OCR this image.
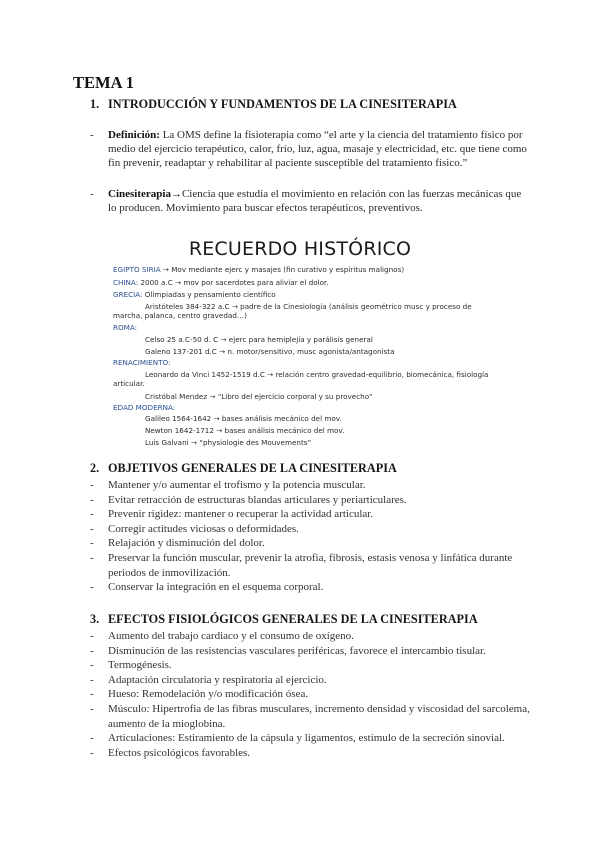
TEMA 1
1. INTRODUCCIÓN Y FUNDAMENTOS DE LA CINESITERAPIA
-	Definición: La OMS define la fisioterapia como “el arte y la ciencia del tratamiento físico por medio del ejercicio terapéutico, calor, frío, luz, agua, masaje y electricidad, etc. que tiene como fin prevenir, readaptar y rehabilitar al paciente susceptible del tratamiento físico.”
-	Cinesiterapia→Ciencia que estudia el movimiento en relación con las fuerzas mecánicas que lo producen. Movimiento para buscar efectos terapéuticos, preventivos.
RECUERDO HISTÓRICO
EGIPTO SIRIA → Mov mediante ejerc y masajes (fin curativo y espíritus malignos)
CHINA: 2000 a.C → mov por sacerdotes para aliviar el dolor.
GRECIA: Olimpiadas y pensamiento científico
Aristóteles 384-322 a.C → padre de la Cinesiología (análisis geométrico musc y proceso de marcha, palanca, centro gravedad…)
ROMA:
Celso 25 a.C-50 d. C → ejerc para hemiplejía y parálisis general
Galeno 137-201 d.C → n. motor/sensitivo, musc agonista/antagonista
RENACIMIENTO:
Leonardo da Vinci 1452-1519 d.C → relación centro gravedad-equilibrio, biomecánica, fisiología articular.
Cristóbal Mendez → “Libro del ejercicio corporal y su provecho”
EDAD MODERNA:
Galileo 1564-1642 → bases análisis mecánico del mov.
Newton 1642-1712 → bases análisis mecánico del mov.
Luis Galvani → “physiologie des Mouvements”
2. OBJETIVOS GENERALES DE LA CINESITERAPIA
- Mantener y/o aumentar el trofismo y la potencia muscular.
- Evitar retracción de estructuras blandas articulares y periarticulares.
- Prevenir rigidez: mantener o recuperar la actividad articular.
- Corregir actitudes viciosas o deformidades.
- Relajación y disminución del dolor.
- Preservar la función muscular, prevenir la atrofia, fibrosis, estasis venosa y linfática durante periodos de inmovilización.
- Conservar la integración en el esquema corporal.
3. EFECTOS FISIOLÓGICOS GENERALES DE LA CINESITERAPIA
- Aumento del trabajo cardiaco y el consumo de oxígeno.
- Disminución de las resistencias vasculares periféricas, favorece el intercambio tisular.
- Termogénesis.
- Adaptación circulatoria y respiratoria al ejercicio.
- Hueso: Remodelación y/o modificación ósea.
- Músculo: Hipertrofia de las fibras musculares, incremento densidad y viscosidad del sarcolema, aumento de la mioglobina.
- Articulaciones: Estiramiento de la cápsula y ligamentos, estímulo de la secreción sinovial.
- Efectos psicológicos favorables.
